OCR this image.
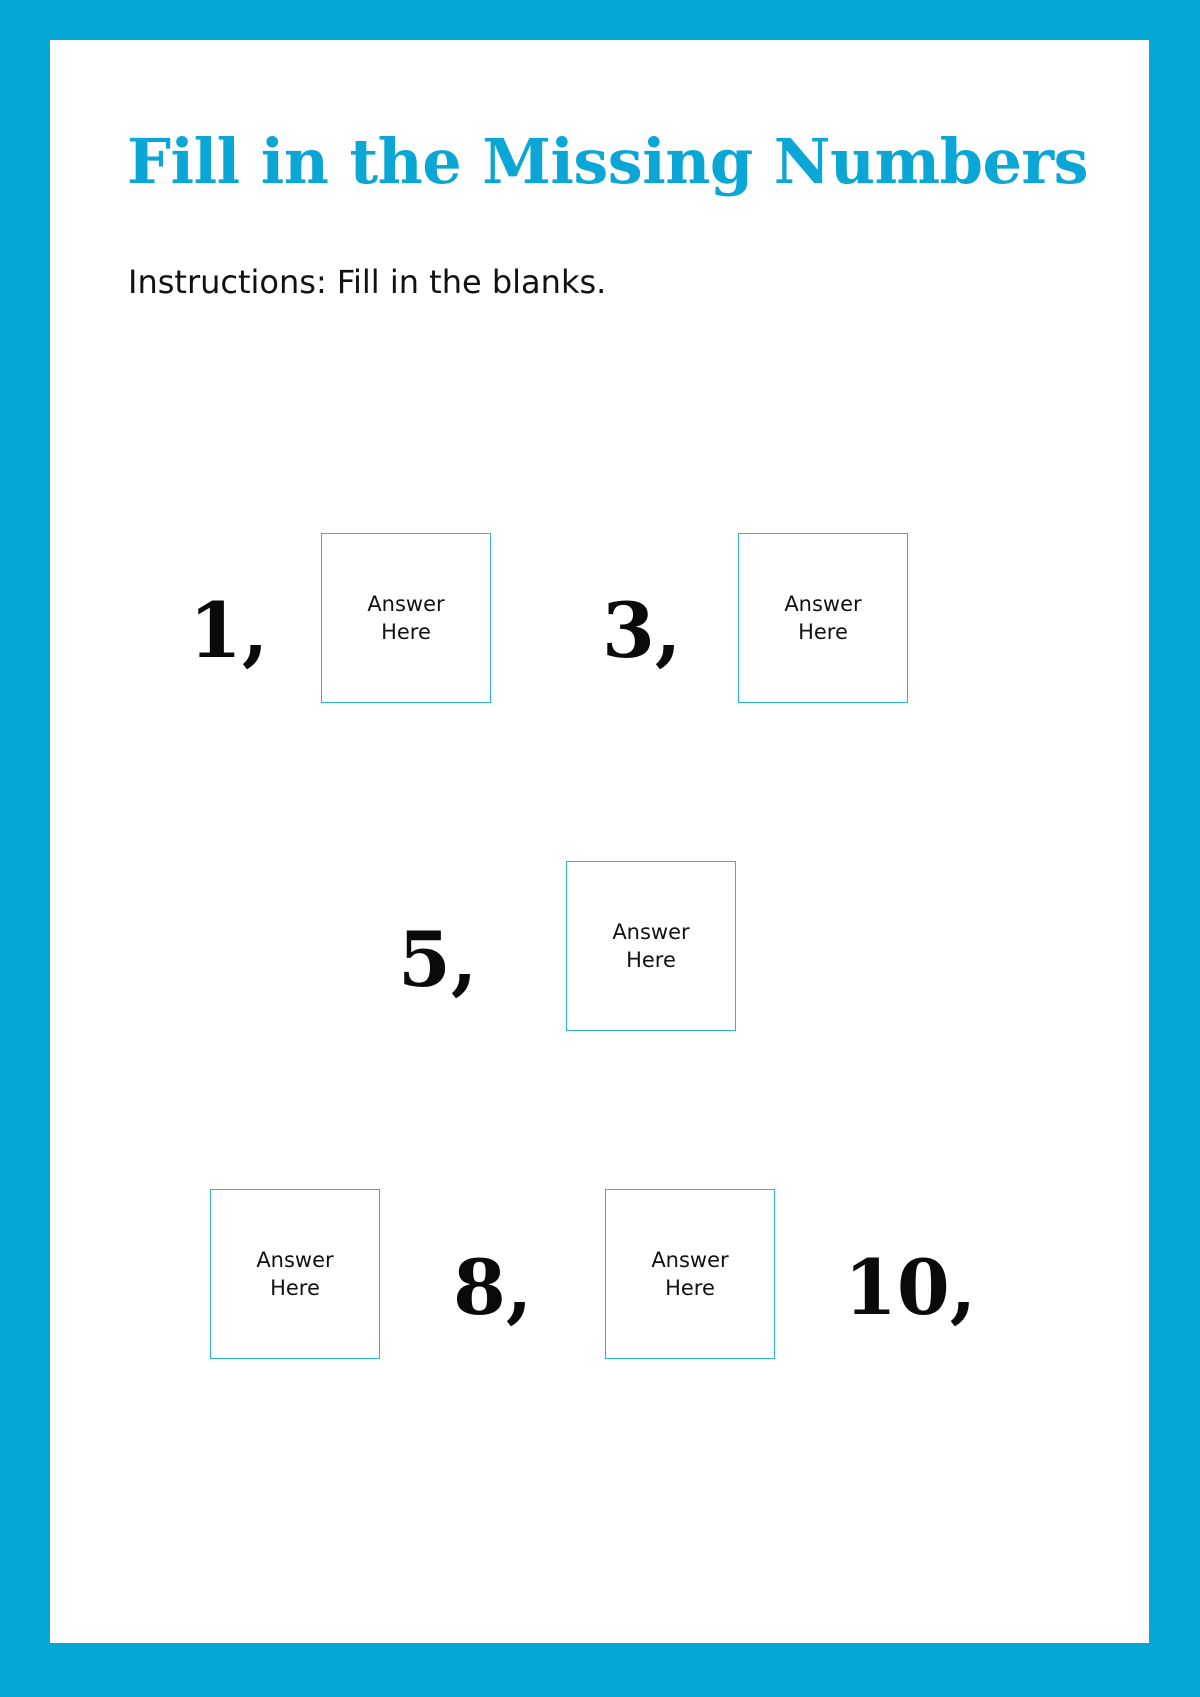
Fill in the Missing Numbers

Instructions: Fill in the blanks.

1,	Answer Here	3,	Answer Here
5,	Answer Here
Answer Here	8,	Answer Here	10,
